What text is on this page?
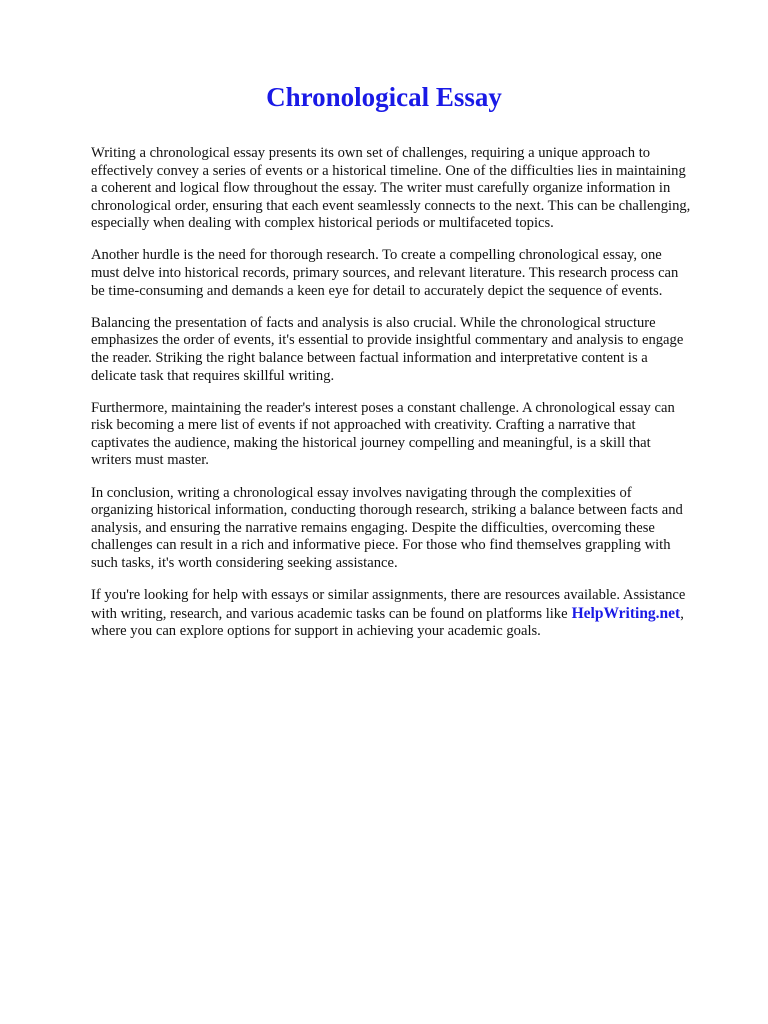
Chronological Essay

Writing a chronological essay presents its own set of challenges, requiring a unique approach to effectively convey a series of events or a historical timeline. One of the difficulties lies in maintaining a coherent and logical flow throughout the essay. The writer must carefully organize information in chronological order, ensuring that each event seamlessly connects to the next. This can be challenging, especially when dealing with complex historical periods or multifaceted topics.

Another hurdle is the need for thorough research. To create a compelling chronological essay, one must delve into historical records, primary sources, and relevant literature. This research process can be time-consuming and demands a keen eye for detail to accurately depict the sequence of events.

Balancing the presentation of facts and analysis is also crucial. While the chronological structure emphasizes the order of events, it's essential to provide insightful commentary and analysis to engage the reader. Striking the right balance between factual information and interpretative content is a delicate task that requires skillful writing.

Furthermore, maintaining the reader's interest poses a constant challenge. A chronological essay can risk becoming a mere list of events if not approached with creativity. Crafting a narrative that captivates the audience, making the historical journey compelling and meaningful, is a skill that writers must master.

In conclusion, writing a chronological essay involves navigating through the complexities of organizing historical information, conducting thorough research, striking a balance between facts and analysis, and ensuring the narrative remains engaging. Despite the difficulties, overcoming these challenges can result in a rich and informative piece. For those who find themselves grappling with such tasks, it's worth considering seeking assistance.

If you're looking for help with essays or similar assignments, there are resources available. Assistance with writing, research, and various academic tasks can be found on platforms like HelpWriting.net, where you can explore options for support in achieving your academic goals.
